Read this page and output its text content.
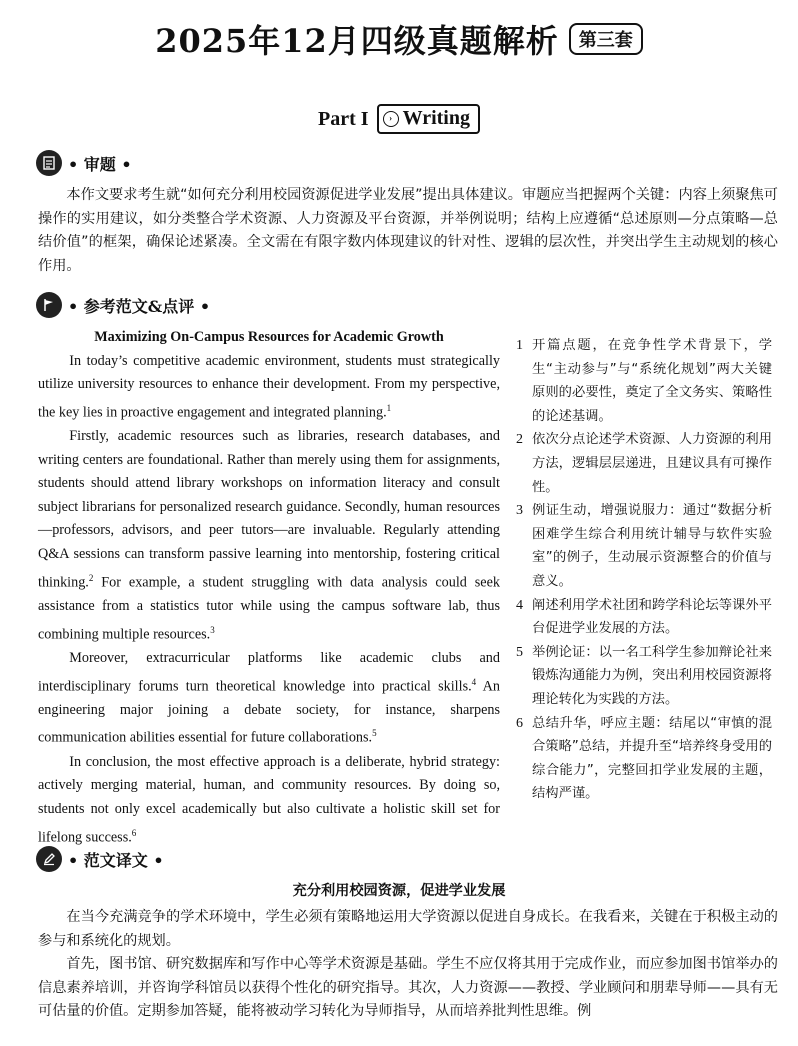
2025年12月四级真题解析	第三套
Part I	› Writing
• 审题 •

本作文要求考生就“如何充分利用校园资源促进学业发展”提出具体建议。审题应当把握两个关键：内容上须聚焦可操作的实用建议，如分类整合学术资源、人力资源及平台资源，并举例说明；结构上应遵循“总述原则—分点策略—总结价值”的框架，确保论述紧凑。全文需在有限字数内体现建议的针对性、逻辑的层次性，并突出学生主动规划的核心作用。

• 参考范文&点评 •
Maximizing On-Campus Resources for Academic Growth

In today’s competitive academic environment, students must strategically utilize university resources to enhance their development. From my perspective, the key lies in proactive engagement and integrated planning.$^1$

Firstly, academic resources such as libraries, research databases, and writing centers are foundational. Rather than merely using them for assignments, students should attend library workshops on information literacy and consult subject librarians for personalized research guidance. Secondly, human resources—professors, advisors, and peer tutors—are invaluable. Regularly attending Q&A sessions can transform passive learning into mentorship, fostering critical thinking.$^2$ For example, a student struggling with data analysis could seek assistance from a statistics tutor while using the campus software lab, thus combining multiple resources.$^3$

Moreover, extracurricular platforms like academic clubs and interdisciplinary forums turn theoretical knowledge into practical skills.$^4$ An engineering major joining a debate society, for instance, sharpens communication abilities essential for future collaborations.$^5$

In conclusion, the most effective approach is a deliberate, hybrid strategy: actively merging material, human, and community resources. By doing so, students not only excel academically but also cultivate a holistic skill set for lifelong success.$^6$

1 开篇点题，在竞争性学术背景下，学生“主动参与”与“系统化规划”两大关键原则的必要性，奠定了全文务实、策略性的论述基调。
2 依次分点论述学术资源、人力资源的利用方法，逻辑层层递进，且建议具有可操作性。
3 例证生动，增强说服力：通过“数据分析困难学生综合利用统计辅导与软件实验室”的例子，生动展示资源整合的价值与意义。
4 阐述利用学术社团和跨学科论坛等课外平台促进学业发展的方法。
5 举例论证：以一名工科学生参加辩论社来锻炼沟通能力为例，突出利用校园资源将理论转化为实践的方法。
6 总结升华，呼应主题：结尾以“审慎的混合策略”总结，并提升至“培养终身受用的综合能力”，完整回扣学业发展的主题，结构严谨。
• 范文译文 •
充分利用校园资源，促进学业发展

在当今充满竞争的学术环境中，学生必须有策略地运用大学资源以促进自身成长。在我看来，关键在于积极主动的参与和系统化的规划。

首先，图书馆、研究数据库和写作中心等学术资源是基础。学生不应仅将其用于完成作业，而应参加图书馆举办的信息素养培训，并咨询学科馆员以获得个性化的研究指导。其次，人力资源——教授、学业顾问和朋辈导师——具有无可估量的价值。定期参加答疑，能将被动学习转化为导师指导，从而培养批判性思维。例
